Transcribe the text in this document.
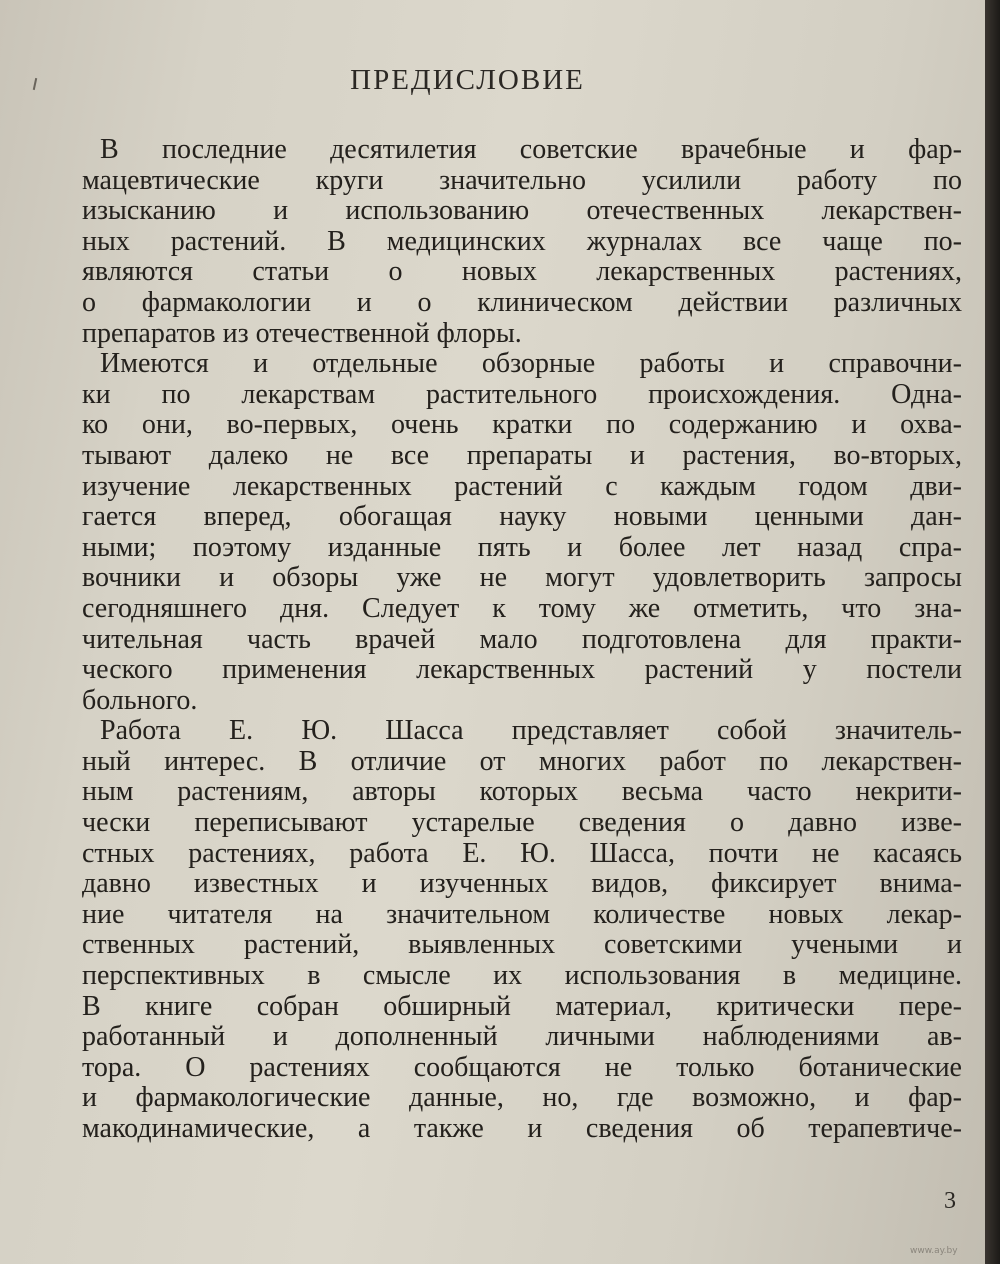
ПРЕДИСЛОВИЕ
В последние десятилетия советские врачебные и фар-
мацевтические круги значительно усилили работу по
изысканию и использованию отечественных лекарствен-
ных растений. В медицинских журналах все чаще по-
являются статьи о новых лекарственных растениях,
о фармакологии и о клиническом действии различных
препаратов из отечественной флоры.
Имеются и отдельные обзорные работы и справочни-
ки по лекарствам растительного происхождения. Одна-
ко они, во-первых, очень кратки по содержанию и охва-
тывают далеко не все препараты и растения, во-вторых,
изучение лекарственных растений с каждым годом дви-
гается вперед, обогащая науку новыми ценными дан-
ными; поэтому изданные пять и более лет назад спра-
вочники и обзоры уже не могут удовлетворить запросы
сегодняшнего дня. Следует к тому же отметить, что зна-
чительная часть врачей мало подготовлена для практи-
ческого применения лекарственных растений у постели
больного.
Работа Е. Ю. Шасса представляет собой значитель-
ный интерес. В отличие от многих работ по лекарствен-
ным растениям, авторы которых весьма часто некрити-
чески переписывают устарелые сведения о давно изве-
стных растениях, работа Е. Ю. Шасса, почти не касаясь
давно известных и изученных видов, фиксирует внима-
ние читателя на значительном количестве новых лекар-
ственных растений, выявленных советскими учеными и
перспективных в смысле их использования в медицине.
В книге собран обширный материал, критически пере-
работанный и дополненный личными наблюдениями ав-
тора. О растениях сообщаются не только ботанические
и фармакологические данные, но, где возможно, и фар-
макодинамические, а также и сведения об терапевтиче-
3
www.ay.by
